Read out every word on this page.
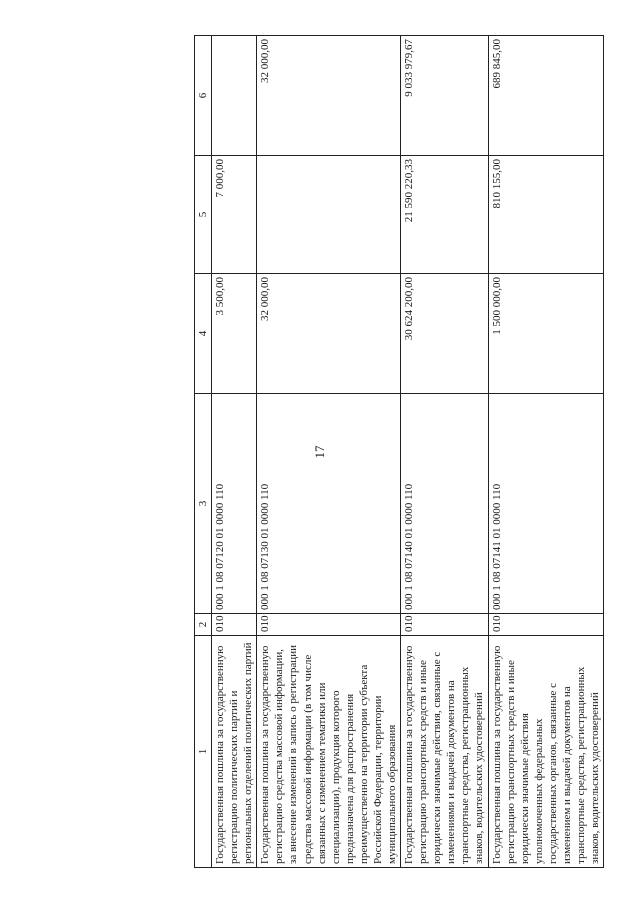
17
1	2	3	4	5	6
Государственная пошлина за государственную регистрацию политических партий и региональных отделений политических партий	010	000 1 08 07120 01 0000 110	3 500,00	7 000,00	
Государственная пошлина за государственную регистрацию средства массовой информации, за внесение изменений в запись о регистрации средства массовой информации (в том числе связанных с изменением тематики или специализации), продукция которого предназначена для распространения преимущественно на территории субъекта Российской Федерации, территории муниципального образования	010	000 1 08 07130 01 0000 110	32 000,00		32 000,00
Государственная пошлина за государственную регистрацию транспортных средств и иные юридически значимые действия, связанные с изменениями и выдачей документов на транспортные средства, регистрационных знаков, водительских удостоверений	010	000 1 08 07140 01 0000 110	30 624 200,00	21 590 220,33	9 033 979,67
Государственная пошлина за государственную регистрацию транспортных средств и иные юридически значимые действия уполномоченных федеральных государственных органов, связанные с изменением и выдачей документов на транспортные средства, регистрационных знаков, водительских удостоверений	010	000 1 08 07141 01 0000 110	1 500 000,00	810 155,00	689 845,00
